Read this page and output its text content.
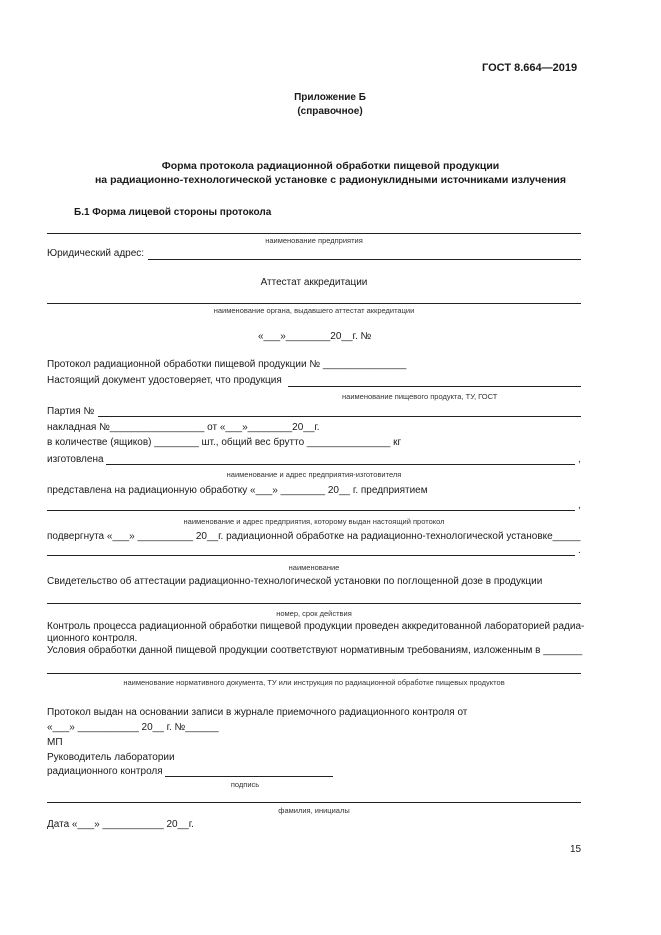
ГОСТ 8.664—2019
Приложение Б
(справочное)
Форма протокола радиационной обработки пищевой продукции
на радиационно-технологической установке с радионуклидными источниками излучения
Б.1 Форма лицевой стороны протокола
наименование предприятия
Юридический адрес:
Аттестат аккредитации
наименование органа, выдавшего аттестат аккредитации
«___»________20__г. №
Протокол радиационной обработки пищевой продукции № _______________
Настоящий документ удостоверяет, что продукция
наименование пищевого продукта, ТУ, ГОСТ
Партия №
накладная №_________________ от «___»________20__г.
в количестве (ящиков) ________ шт., общий вес брутто _______________ кг
изготовлена	,
наименование и адрес предприятия-изготовителя
представлена на радиационную обработку «___» ________ 20__ г. предприятием
,
наименование и адрес предприятия, которому выдан настоящий протокол
подвергнута «___» __________ 20__г. радиационной обработке на радиационно-технологической установке_____
.
наименование
Свидетельство об аттестации радиационно-технологической установки по поглощенной дозе в продукции
номер, срок действия
Контроль процесса радиационной обработки пищевой продукции проведен аккредитованной лабораторией радиа-
ционного контроля.
Условия обработки данной пищевой продукции соответствуют нормативным требованиям, изложенным в _______
наименование нормативного документа, ТУ или инструкция по радиационной обработке пищевых продуктов
Протокол выдан на основании записи в журнале приемочного радиационного контроля от
«___» ___________ 20__ г. №______
МП
Руководитель лаборатории
радиационного контроля
подпись
фамилия, инициалы
Дата «___» ___________ 20__г.
15
